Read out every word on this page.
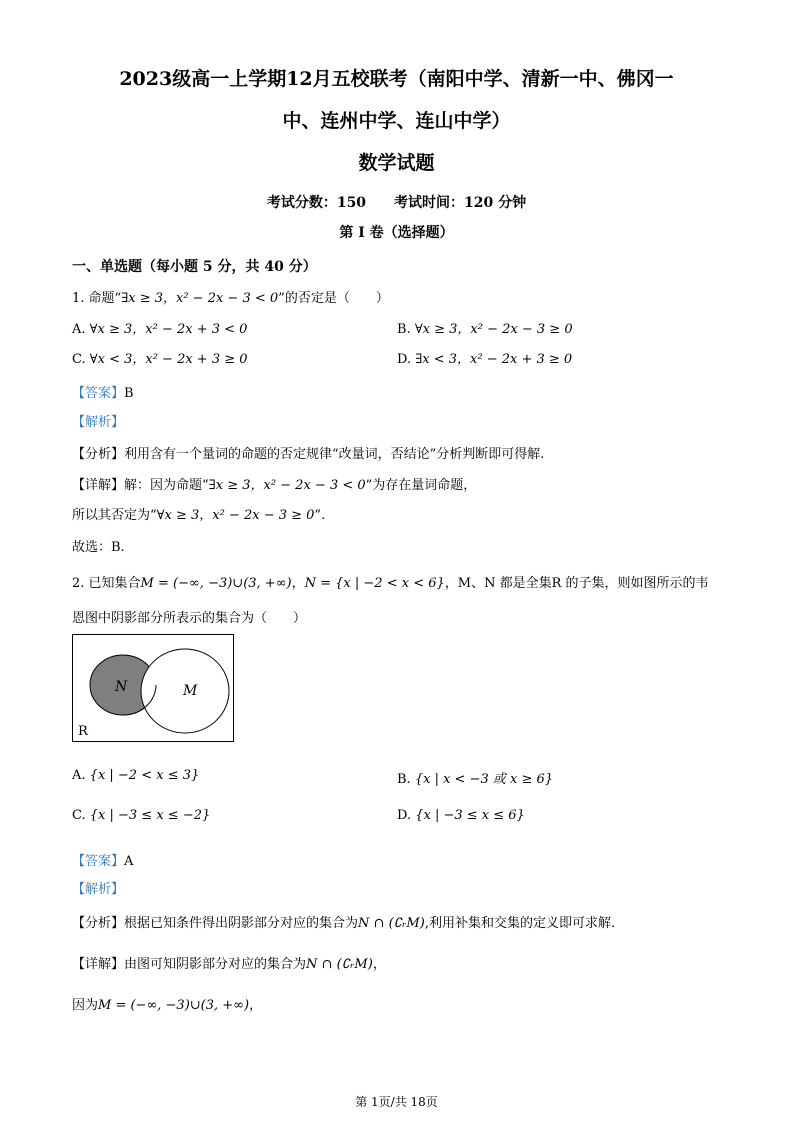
2023级高一上学期12月五校联考（南阳中学、清新一中、佛冈一
中、连州中学、连山中学）
数学试题
考试分数：150　　考试时间：120 分钟
第 I 卷（选择题）
一、单选题（每小题 5 分，共 40 分）
1. 命题“∃x ≥ 3，x² − 2x − 3 < 0”的否定是（　　）
A. ∀x ≥ 3，x² − 2x + 3 < 0	B. ∀x ≥ 3，x² − 2x − 3 ≥ 0
C. ∀x < 3，x² − 2x + 3 ≥ 0	D. ∃x < 3，x² − 2x + 3 ≥ 0
【答案】B
【解析】
【分析】利用含有一个量词的命题的否定规律“改量词，否结论”分析判断即可得解.
【详解】解：因为命题“∃x ≥ 3，x² − 2x − 3 < 0”为存在量词命题，
所以其否定为“∀x ≥ 3，x² − 2x − 3 ≥ 0”.
故选：B.
2. 已知集合M = (−∞, −3)∪(3, +∞)，N = {x | −2 < x < 6}，M、N 都是全集R 的子集，则如图所示的韦
恩图中阴影部分所表示的集合为（　　）
N	M
R
A. {x | −2 < x ≤ 3}	B. {x | x < −3 或 x ≥ 6}
C. {x | −3 ≤ x ≤ −2}	D. {x | −3 ≤ x ≤ 6}
【答案】A
【解析】
【分析】根据已知条件得出阴影部分对应的集合为N ∩ (∁ᵣM),利用补集和交集的定义即可求解.
【详解】由图可知阴影部分对应的集合为N ∩ (∁ᵣM)，
因为M = (−∞, −3)∪(3, +∞)，
第 1页/共 18页
